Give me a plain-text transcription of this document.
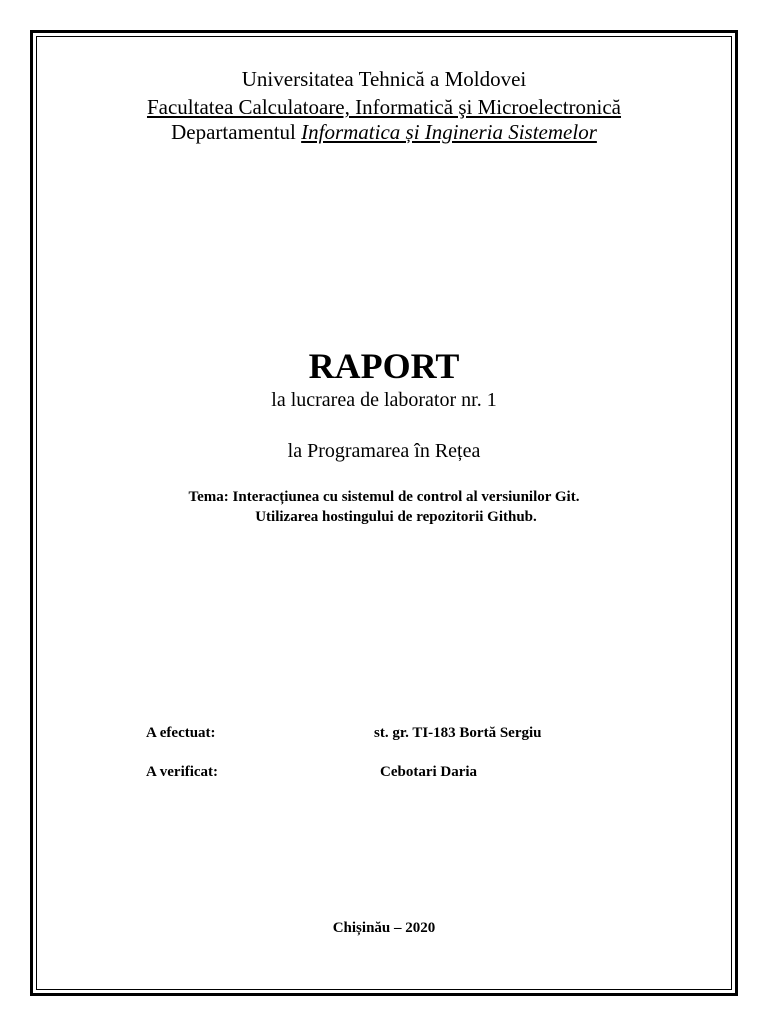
Universitatea Tehnică a Moldovei
Facultatea Calculatoare, Informatică şi Microelectronică
Departamentul Informatica și Ingineria Sistemelor
RAPORT
la lucrarea de laborator nr. 1
la Programarea în Rețea
Tema: Interacțiunea cu sistemul de control al versiunilor Git.
Utilizarea hostingului de repozitorii Github.
A efectuat:	st. gr. TI-183 Bortă Sergiu
A verificat:	Cebotari Daria
Chișinău – 2020
